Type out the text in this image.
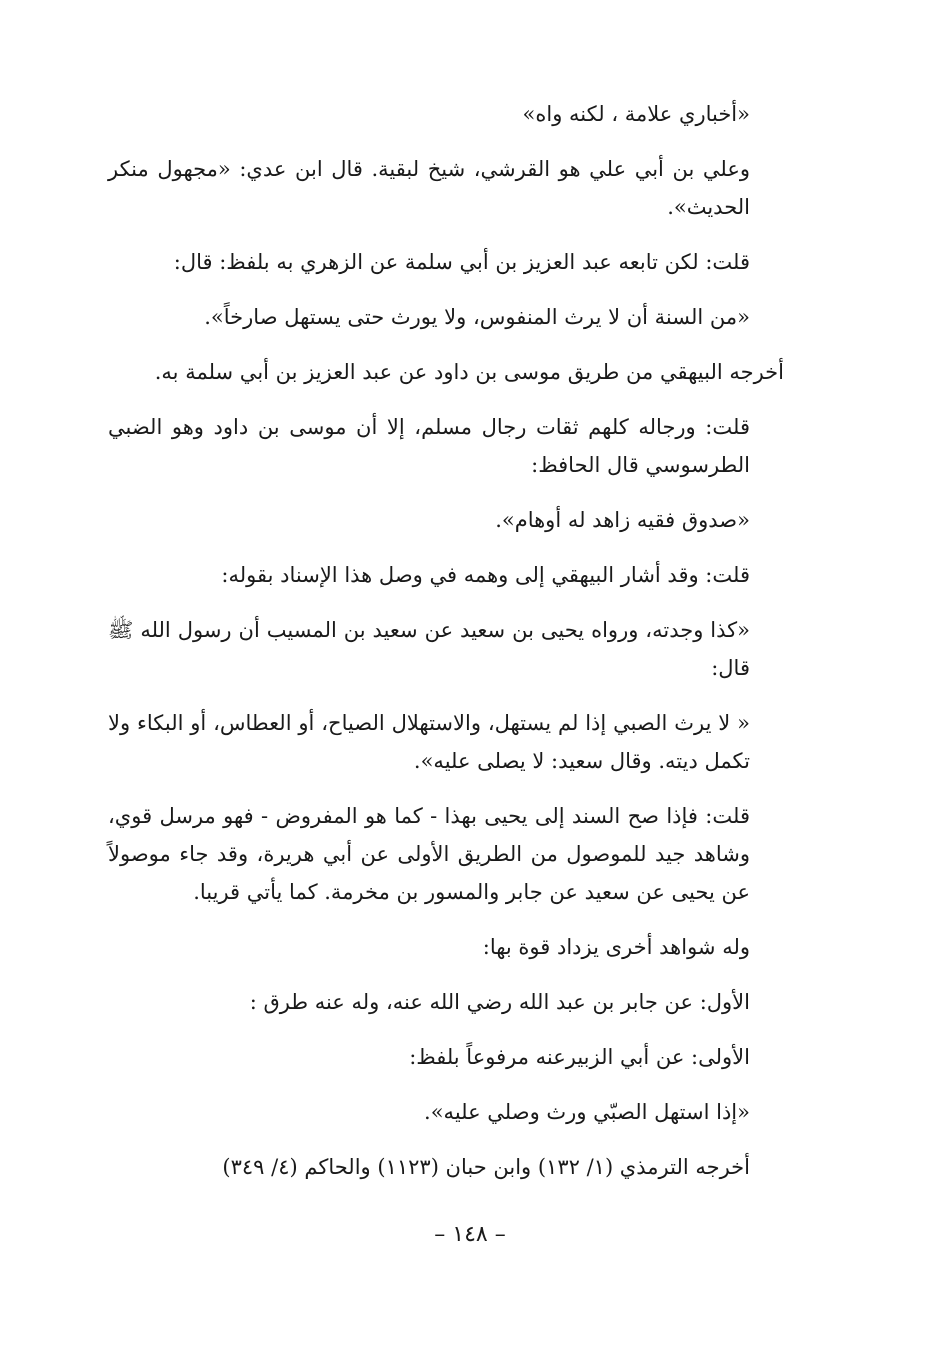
«أخباري علامة ، لكنه واه»

وعلي بن أبي علي هو القرشي، شيخ لبقية. قال ابن عدي: «مجهول منكر الحديث».

قلت: لكن تابعه عبد العزيز بن أبي سلمة عن الزهري به بلفظ: قال:

«من السنة أن لا يرث المنفوس، ولا يورث حتى يستهل صارخاً».

أخرجه البيهقي من طريق موسى بن داود عن عبد العزيز بن أبي سلمة به.

قلت: ورجاله كلهم ثقات رجال مسلم، إلا أن موسى بن داود وهو الضبي الطرسوسي قال الحافظ:

«صدوق فقيه زاهد له أوهام».

قلت: وقد أشار البيهقي إلى وهمه في وصل هذا الإسناد بقوله:

«كذا وجدته، ورواه يحيى بن سعيد عن سعيد بن المسيب أن رسول الله ﷺ قال:

« لا يرث الصبي إذا لم يستهل، والاستهلال الصياح، أو العطاس، أو البكاء ولا تكمل ديته. وقال سعيد: لا يصلى عليه».

قلت: فإذا صح السند إلى يحيى بهذا - كما هو المفروض - فهو مرسل قوي، وشاهد جيد للموصول من الطريق الأولى عن أبي هريرة، وقد جاء موصولاً عن يحيى عن سعيد عن جابر والمسور بن مخرمة. كما يأتي قريبا.

وله شواهد أخرى يزداد قوة بها:

الأول: عن جابر بن عبد الله رضي الله عنه، وله عنه طرق :

الأولى: عن أبي الزبيرعنه مرفوعاً بلفظ:

«إذا استهل الصبّي ورث وصلي عليه».

أخرجه الترمذي (١/ ١٣٢) وابن حبان (١١٢٣) والحاكم (٤/ ٣٤٩)

– ١٤٨ –
